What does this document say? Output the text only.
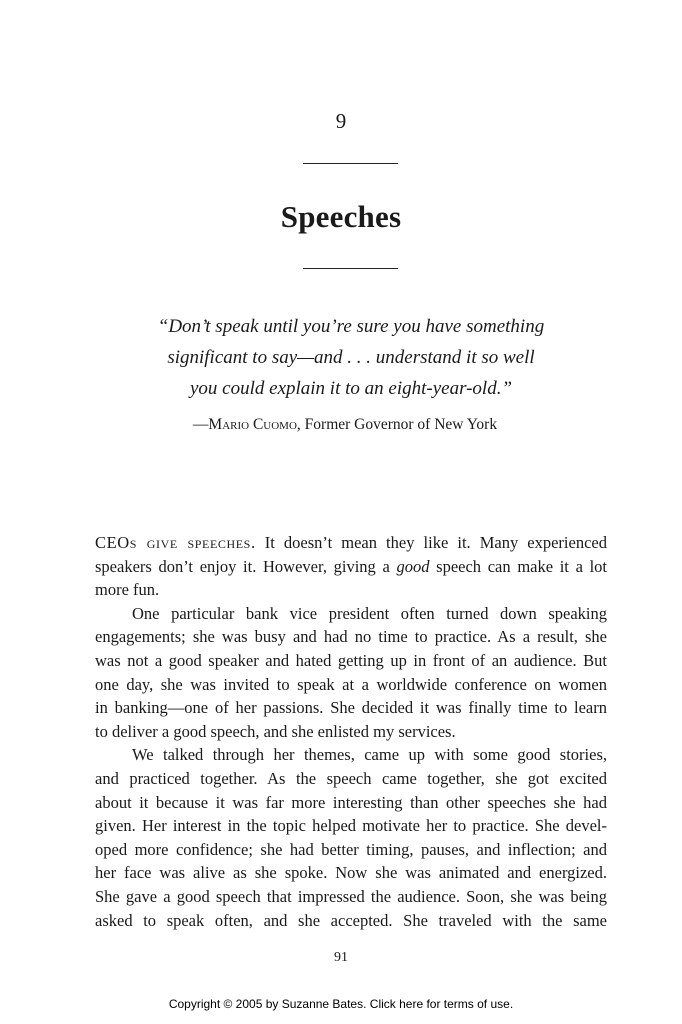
9
Speeches
“Don’t speak until you’re sure you have something
significant to say—and . . . understand it so well
you could explain it to an eight-year-old.”
—Mario Cuomo, Former Governor of New York
CEOs give speeches. It doesn’t mean they like it. Many experienced
speakers don’t enjoy it. However, giving a good speech can make it a lot
more fun.
One particular bank vice president often turned down speaking
engagements; she was busy and had no time to practice. As a result, she
was not a good speaker and hated getting up in front of an audience. But
one day, she was invited to speak at a worldwide conference on women
in banking—one of her passions. She decided it was finally time to learn
to deliver a good speech, and she enlisted my services.
We talked through her themes, came up with some good stories,
and practiced together. As the speech came together, she got excited
about it because it was far more interesting than other speeches she had
given. Her interest in the topic helped motivate her to practice. She devel-
oped more confidence; she had better timing, pauses, and inflection; and
her face was alive as she spoke. Now she was animated and energized.
She gave a good speech that impressed the audience. Soon, she was being
asked to speak often, and she accepted. She traveled with the same
91
Copyright © 2005 by Suzanne Bates. Click here for terms of use.
